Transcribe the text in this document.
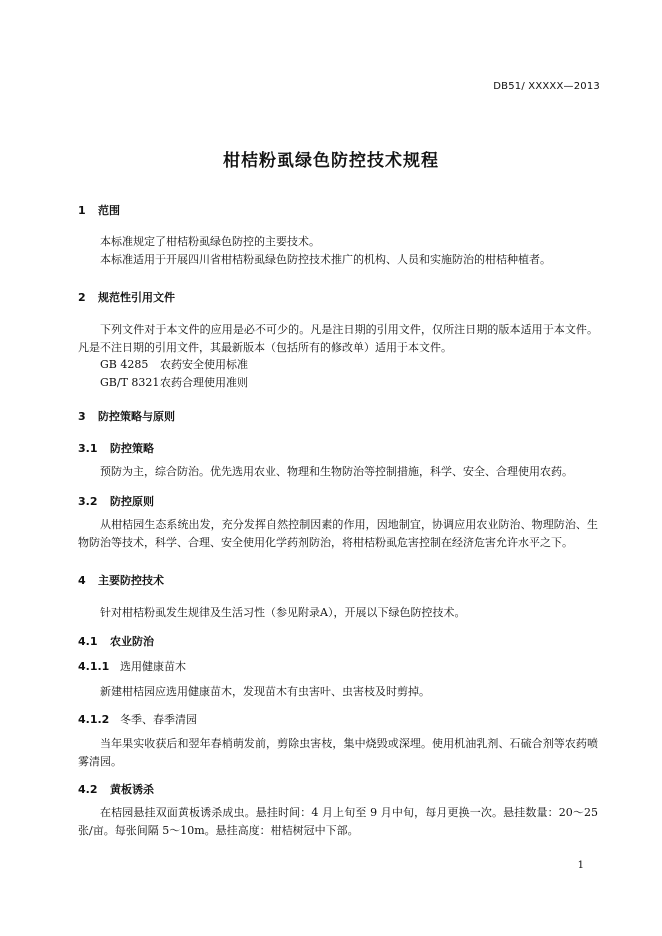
DB51/ XXXXX—2013
柑桔粉虱绿色防控技术规程
1 范围
本标准规定了柑桔粉虱绿色防控的主要技术。
本标准适用于开展四川省柑桔粉虱绿色防控技术推广的机构、人员和实施防治的柑桔种植者。
2 规范性引用文件
下列文件对于本文件的应用是必不可少的。凡是注日期的引用文件，仅所注日期的版本适用于本文件。凡是不注日期的引用文件，其最新版本（包括所有的修改单）适用于本文件。
GB 4285 农药安全使用标准
GB/T 8321农药合理使用准则
3 防控策略与原则
3.1 防控策略
预防为主，综合防治。优先选用农业、物理和生物防治等控制措施，科学、安全、合理使用农药。
3.2 防控原则
从柑桔园生态系统出发，充分发挥自然控制因素的作用，因地制宜，协调应用农业防治、物理防治、生物防治等技术，科学、合理、安全使用化学药剂防治，将柑桔粉虱危害控制在经济危害允许水平之下。
4 主要防控技术
针对柑桔粉虱发生规律及生活习性（参见附录A），开展以下绿色防控技术。
4.1 农业防治
4.1.1 选用健康苗木
新建柑桔园应选用健康苗木，发现苗木有虫害叶、虫害枝及时剪掉。
4.1.2 冬季、春季清园
当年果实收获后和翌年春梢萌发前，剪除虫害枝，集中烧毁或深埋。使用机油乳剂、石硫合剂等农药喷雾清园。
4.2 黄板诱杀
在桔园悬挂双面黄板诱杀成虫。悬挂时间：4 月上旬至 9 月中旬，每月更换一次。悬挂数量：20～25 张/亩。每张间隔 5～10m。悬挂高度：柑桔树冠中下部。
1
